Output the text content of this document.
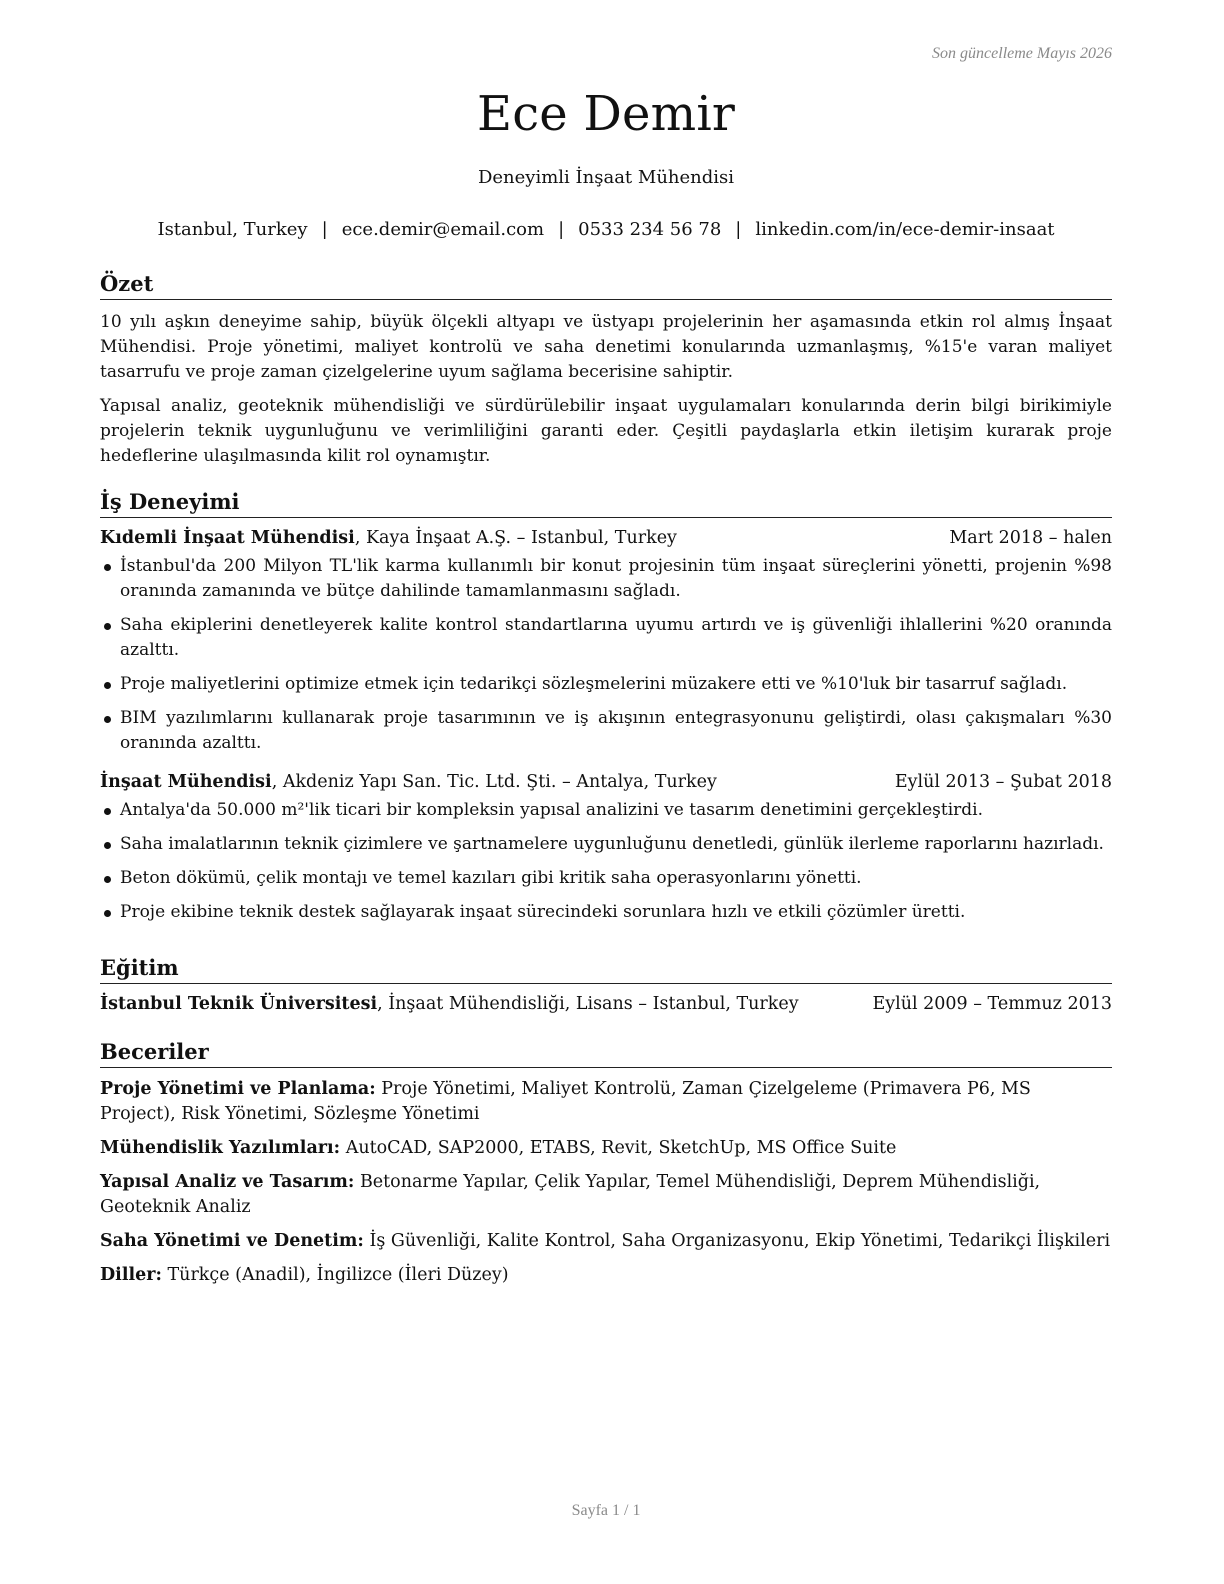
Son güncelleme Mayıs 2026
Ece Demir
Deneyimli İnşaat Mühendisi
Istanbul, Turkey | ece.demir@email.com | 0533 234 56 78 | linkedin.com/in/ece-demir-insaat
Özet

10 yılı aşkın deneyime sahip, büyük ölçekli altyapı ve üstyapı projelerinin her aşamasında etkin rol almış İnşaat Mühendisi. Proje yönetimi, maliyet kontrolü ve saha denetimi konularında uzmanlaşmış, %15'e varan maliyet tasarrufu ve proje zaman çizelgelerine uyum sağlama becerisine sahiptir.

Yapısal analiz, geoteknik mühendisliği ve sürdürülebilir inşaat uygulamaları konularında derin bilgi birikimiyle projelerin teknik uygunluğunu ve verimliliğini garanti eder. Çeşitli paydaşlarla etkin iletişim kurarak proje hedeflerine ulaşılmasında kilit rol oynamıştır.

İş Deneyimi
Kıdemli İnşaat Mühendisi, Kaya İnşaat A.Ş. – Istanbul, Turkey	Mart 2018 – halen
İstanbul'da 200 Milyon TL'lik karma kullanımlı bir konut projesinin tüm inşaat süreçlerini yönetti, projenin %98 oranında zamanında ve bütçe dahilinde tamamlanmasını sağladı.
Saha ekiplerini denetleyerek kalite kontrol standartlarına uyumu artırdı ve iş güvenliği ihlallerini %20 oranında azalttı.
Proje maliyetlerini optimize etmek için tedarikçi sözleşmelerini müzakere etti ve %10'luk bir tasarruf sağladı.
BIM yazılımlarını kullanarak proje tasarımının ve iş akışının entegrasyonunu geliştirdi, olası çakışmaları %30 oranında azalttı.
İnşaat Mühendisi, Akdeniz Yapı San. Tic. Ltd. Şti. – Antalya, Turkey	Eylül 2013 – Şubat 2018
Antalya'da 50.000 m²'lik ticari bir kompleksin yapısal analizini ve tasarım denetimini gerçekleştirdi.
Saha imalatlarının teknik çizimlere ve şartnamelere uygunluğunu denetledi, günlük ilerleme raporlarını hazırladı.
Beton dökümü, çelik montajı ve temel kazıları gibi kritik saha operasyonlarını yönetti.
Proje ekibine teknik destek sağlayarak inşaat sürecindeki sorunlara hızlı ve etkili çözümler üretti.
Eğitim
İstanbul Teknik Üniversitesi, İnşaat Mühendisliği, Lisans – Istanbul, Turkey	Eylül 2009 – Temmuz 2013
Beceriler

Proje Yönetimi ve Planlama: Proje Yönetimi, Maliyet Kontrolü, Zaman Çizelgeleme (Primavera P6, MS Project), Risk Yönetimi, Sözleşme Yönetimi

Mühendislik Yazılımları: AutoCAD, SAP2000, ETABS, Revit, SketchUp, MS Office Suite

Yapısal Analiz ve Tasarım: Betonarme Yapılar, Çelik Yapılar, Temel Mühendisliği, Deprem Mühendisliği, Geoteknik Analiz

Saha Yönetimi ve Denetim: İş Güvenliği, Kalite Kontrol, Saha Organizasyonu, Ekip Yönetimi, Tedarikçi İlişkileri

Diller: Türkçe (Anadil), İngilizce (İleri Düzey)

Sayfa 1 / 1
